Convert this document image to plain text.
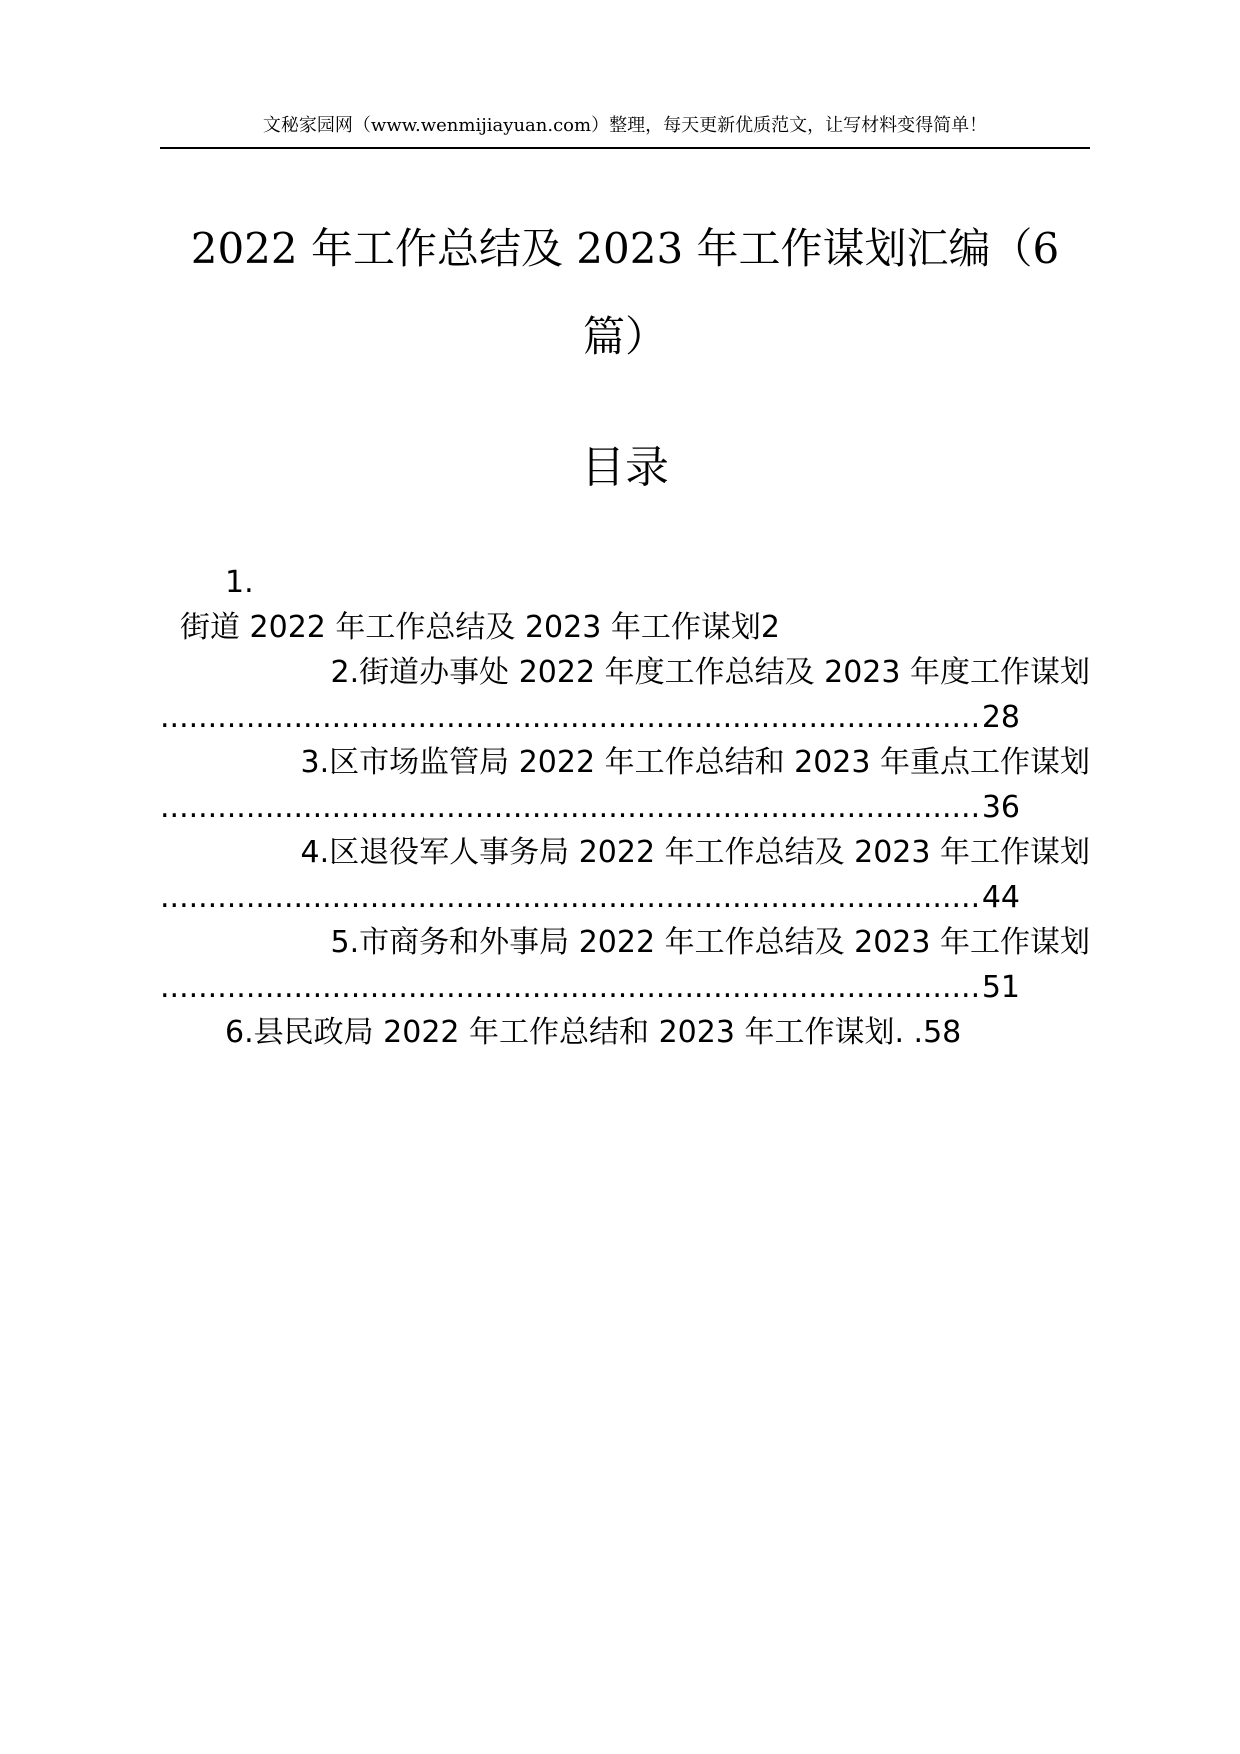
文秘家园网（www.wenmijiayuan.com）整理，每天更新优质范文，让写材料变得简单！
2022 年工作总结及 2023 年工作谋划汇编（6
篇）
目录
1.
街道 2022 年工作总结及 2023 年工作谋划2
2.街道办事处 2022 年度工作总结及 2023 年度工作谋划
.....
28
3.区市场监管局 2022 年工作总结和 2023 年重点工作谋划
.....
36
4.区退役军人事务局 2022 年工作总结及 2023 年工作谋划
.....
44
5.市商务和外事局 2022 年工作总结及 2023 年工作谋划
.....
51
6.县民政局 2022 年工作总结和 2023 年工作谋划. .58
